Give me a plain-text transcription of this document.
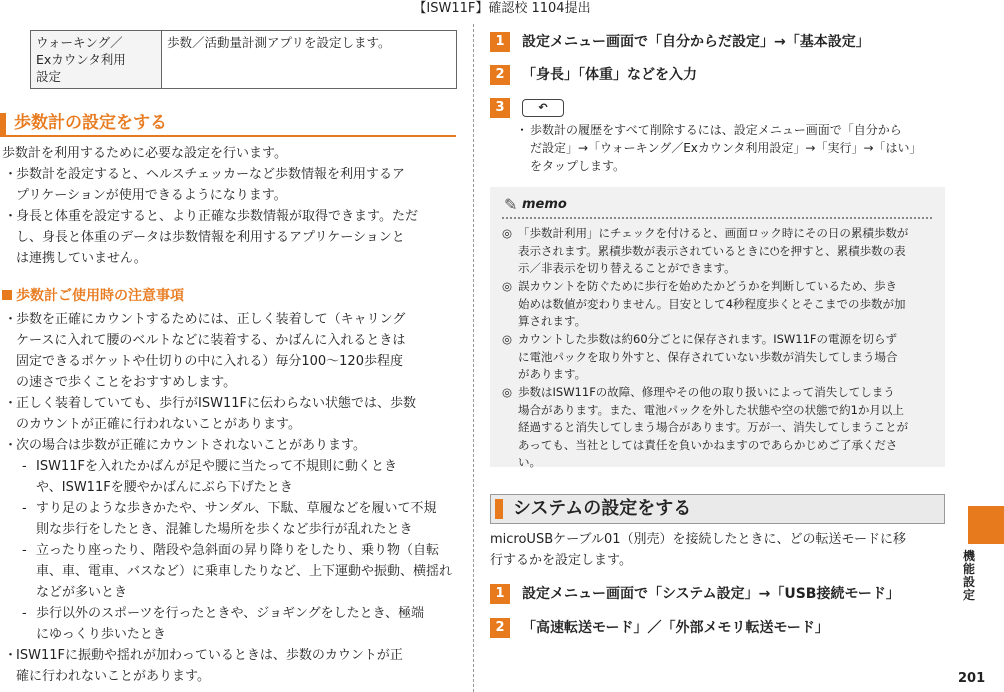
【ISW11F】確認校 1104提出
ウォーキング／
Exカウンタ利用
設定
	歩数／活動量計測アプリを設定します。
歩数計の設定をする
歩数計を利用するために必要な設定を行います。
・
歩数計を設定すると、ヘルスチェッカーなど歩数情報を利用するア
プリケーションが使用できるようになります。
・
身長と体重を設定すると、より正確な歩数情報が取得できます。ただ
し、身長と体重のデータは歩数情報を利用するアプリケーションと
は連携していません。
歩数計ご使用時の注意事項
・
歩数を正確にカウントするためには、正しく装着して（キャリング
ケースに入れて腰のベルトなどに装着する、かばんに入れるときは
固定できるポケットや仕切りの中に入れる）毎分100～120歩程度
の速さで歩くことをおすすめします。
・
正しく装着していても、歩行がISW11Fに伝わらない状態では、歩数
のカウントが正確に行われないことがあります。
・
次の場合は歩数が正確にカウントされないことがあります。
- ISW11Fを入れたかばんが足や腰に当たって不規則に動くとき
や、ISW11Fを腰やかばんにぶら下げたとき
- すり足のような歩きかたや、サンダル、下駄、草履などを履いて不規
則な歩行をしたとき、混雑した場所を歩くなど歩行が乱れたとき
- 立ったり座ったり、階段や急斜面の昇り降りをしたり、乗り物（自転
車、車、電車、バスなど）に乗車したりなど、上下運動や振動、横揺れ
などが多いとき
- 歩行以外のスポーツを行ったときや、ジョギングをしたとき、極端
にゆっくり歩いたとき
・
ISW11Fに振動や揺れが加わっているときは、歩数のカウントが正
確に行われないことがあります。
1 設定メニュー画面で「自分からだ設定」→「基本設定」
2 「身長」「体重」などを入力
3	↶
・ 歩数計の履歴をすべて削除するには、設定メニュー画面で「自分から
だ設定」→「ウォーキング／Exカウンタ利用設定」→「実行」→「はい」
をタップします。
✎ memo
◎ 「歩数計利用」にチェックを付けると、画面ロック時にその日の累積歩数が
表示されます。累積歩数が表示されているときに⏻を押すと、累積歩数の表
示／非表示を切り替えることができます。
◎ 誤カウントを防ぐために歩行を始めたかどうかを判断しているため、歩き
始めは数値が変わりません。目安として4秒程度歩くとそこまでの歩数が加
算されます。
◎ カウントした歩数は約60分ごとに保存されます。ISW11Fの電源を切らず
に電池パックを取り外すと、保存されていない歩数が消失してしまう場合
があります。
◎ 歩数はISW11Fの故障、修理やその他の取り扱いによって消失してしまう
場合があります。また、電池パックを外した状態や空の状態で約1か月以上
経過すると消失してしまう場合があります。万が一、消失してしまうことが
あっても、当社としては責任を負いかねますのであらかじめご了承くださ
い。
システムの設定をする
microUSBケーブル01（別売）を接続したときに、どの転送モードに移
行するかを設定します。
1 設定メニュー画面で「システム設定」→「USB接続モード」
2 「高速転送モード」／「外部メモリ転送モード」
機能設定
201
